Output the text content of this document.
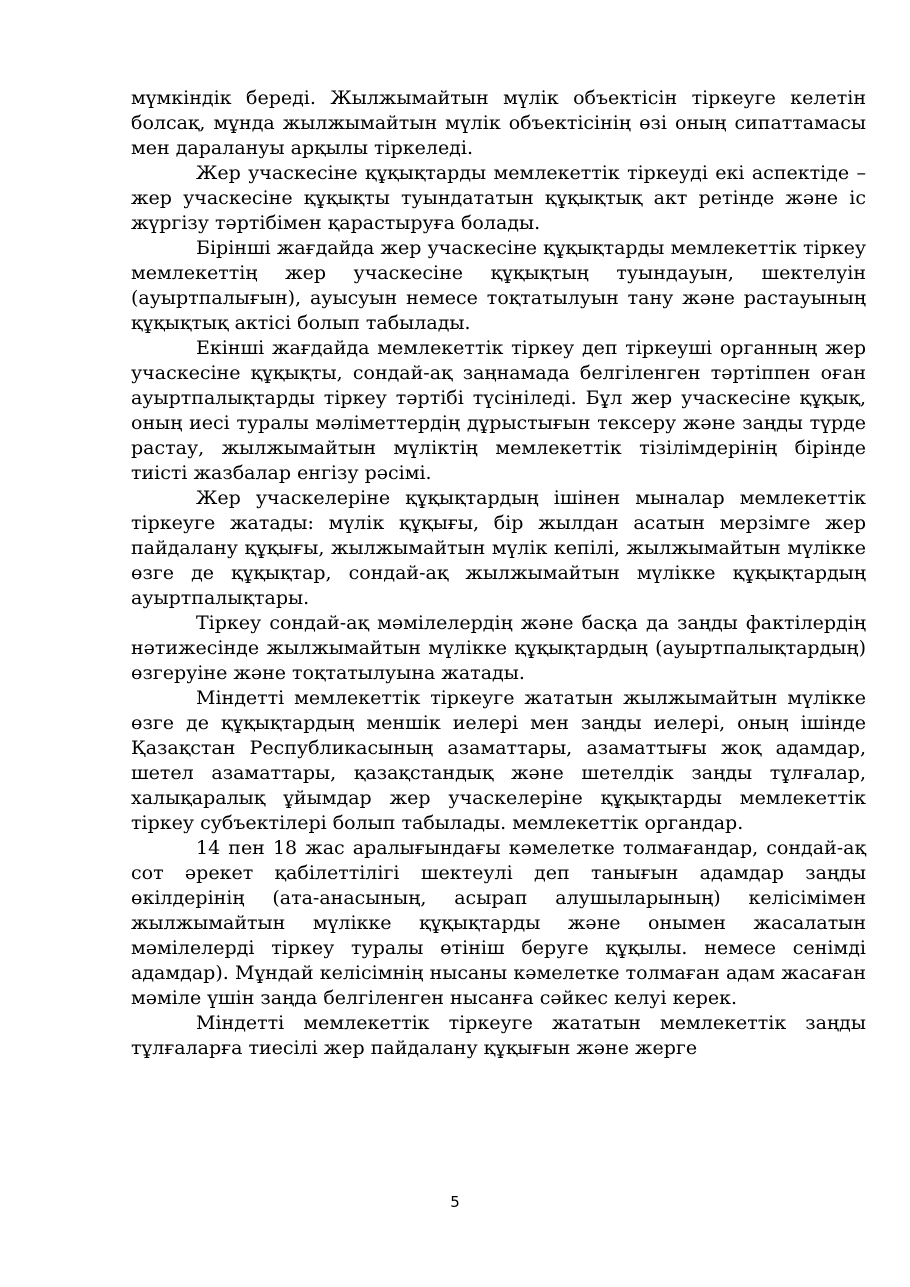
мүмкіндік береді. Жылжымайтын мүлік объектісін тіркеуге келетін болсақ, мұнда жылжымайтын мүлік объектісінің өзі оның сипаттамасы мен даралануы арқылы тіркеледі.

Жер учаскесіне құқықтарды мемлекеттік тіркеуді екі аспектіде – жер учаскесіне құқықты туындататын құқықтық акт ретінде және іс жүргізу тәртібімен қарастыруға болады.

Бірінші жағдайда жер учаскесіне құқықтарды мемлекеттік тіркеу мемлекеттің жер учаскесіне құқықтың туындауын, шектелуін (ауыртпалығын), ауысуын немесе тоқтатылуын тану және растауының құқықтық актісі болып табылады.

Екінші жағдайда мемлекеттік тіркеу деп тіркеуші органның жер учаскесіне құқықты, сондай-ақ заңнамада белгіленген тәртіппен оған ауыртпалықтарды тіркеу тәртібі түсініледі. Бұл жер учаскесіне құқық, оның иесі туралы мәліметтердің дұрыстығын тексеру және заңды түрде растау, жылжымайтын мүліктің мемлекеттік тізілімдерінің бірінде тиісті жазбалар енгізу рәсімі.

Жер учаскелеріне құқықтардың ішінен мыналар мемлекеттік тіркеуге жатады: мүлік құқығы, бір жылдан асатын мерзімге жер пайдалану құқығы, жылжымайтын мүлік кепілі, жылжымайтын мүлікке өзге де құқықтар, сондай-ақ жылжымайтын мүлікке құқықтардың ауыртпалықтары.

Тіркеу сондай-ақ мәмілелердің және басқа да заңды фактілердің нәтижесінде жылжымайтын мүлікке құқықтардың (ауыртпалықтардың) өзгеруіне және тоқтатылуына жатады.

Міндетті мемлекеттік тіркеуге жататын жылжымайтын мүлікке өзге де құқықтардың меншік иелері мен заңды иелері, оның ішінде Қазақстан Республикасының азаматтары, азаматтығы жоқ адамдар, шетел азаматтары, қазақстандық және шетелдік заңды тұлғалар, халықаралық ұйымдар жер учаскелеріне құқықтарды мемлекеттік тіркеу субъектілері болып табылады. мемлекеттік органдар.

14 пен 18 жас аралығындағы кәмелетке толмағандар, сондай-ақ сот әрекет қабілеттілігі шектеулі деп танығын адамдар заңды өкілдерінің (ата-анасының, асырап алушыларының) келісімімен жылжымайтын мүлікке құқықтарды және онымен жасалатын мәмілелерді тіркеу туралы өтініш беруге құқылы. немесе сенімді адамдар). Мұндай келісімнің нысаны кәмелетке толмаған адам жасаған мәміле үшін заңда белгіленген нысанға сәйкес келуі керек.

Міндетті мемлекеттік тіркеуге жататын мемлекеттік заңды тұлғаларға тиесілі жер пайдалану құқығын және жерге

5
